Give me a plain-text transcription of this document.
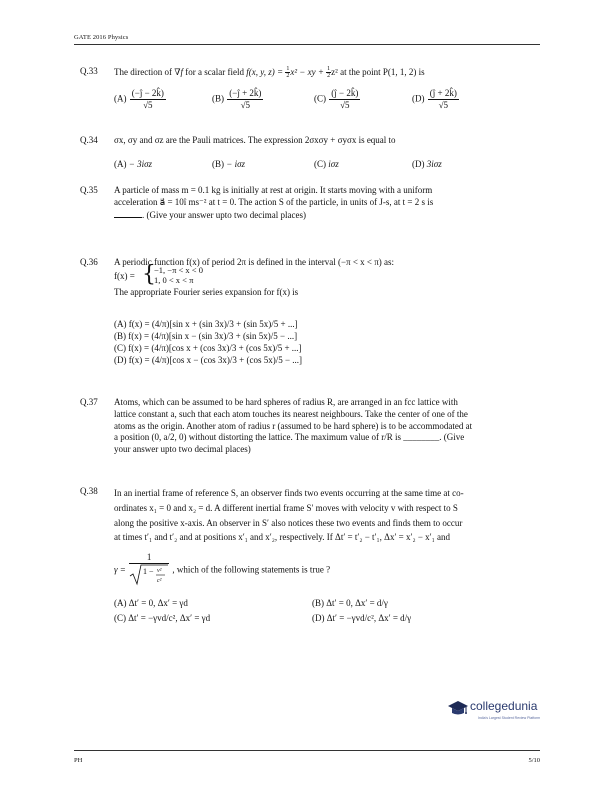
GATE 2016 Physics
Q.33 The direction of ∇f for a scalar field f(x, y, $z) = \frac{1}{2} x^2$ − xy + $\frac{1}{2} z^2$ at the point P(1, 1, 2) is
$(A) \frac{(-ĵ - 2k̂)}{√5}$	$(B) \frac{(-ĵ + 2k̂)}{√5}$	$(C) \frac{(ĵ - 2k̂)}{√5}$	$(D) \frac{(ĵ + 2k̂)}{√5}$
Q.34 σx, σy and σz are the Pauli matrices. The expression 2σxσy + σyσx is equal to
(A) − 3iσz	(B) − iσz	(C) iσz	(D) 3iσz
Q.35 A particle of mass m = 0.1 kg is initially at rest at origin. It starts moving with a uniform
acceleration a⃗ = 10î ms⁻² at t = 0. The action S of the particle, in units of J-s, at t = 2 s is
. (Give your answer upto two decimal places)
Q.36 A periodic function f(x) of period 2π is defined in the interval (−π < x < π) as:
f(x) = {
−1, −π < x < 0
1, 0 < x < π
The appropriate Fourier series expansion for f(x) is
(A) f(x) = (4/π)[sin x + (sin 3x)/3 + (sin 5x)/5 + ...]
(B) f(x) = (4/π)[sin x − (sin 3x)/3 + (sin 5x)/5 − ...]
(C) f(x) = (4/π)[cos x + (cos 3x)/3 + (cos 5x)/5 + ...]
(D) f(x) = (4/π)[cos x − (cos 3x)/3 + (cos 5x)/5 − ...]
Q.37 Atoms, which can be assumed to be hard spheres of radius R, are arranged in an fcc lattice with
lattice constant a, such that each atom touches its nearest neighbours. Take the center of one of the
atoms as the origin. Another atom of radius r (assumed to be hard sphere) is to be accommodated at
a position (0, a/2, 0) without distorting the lattice. The maximum value of r/R is ________. (Give
your answer upto two decimal places)
Q.38 In an inertial frame of reference S, an observer finds two events occurring at the same time at co-
ordinates x₁ = 0 and x₂ = d. A different inertial frame S′ moves with velocity v with respect to S
along the positive x-axis. An observer in S′ also notices these two events and finds them to occur
at times t′₁ and t′₂ and at positions x′₁ and x′₂, respectively. If Δt′ = t′₂ − t′₁, Δx′ = x′₂ − x′₁ and
γ = 1
1 − v²
c² , which of the following statements is true ?
(A) Δt′ = 0, Δx′ = γd	(B) Δt′ = 0, Δx′ = d/γ
(C) Δt′ = −γvd/c², Δx′ = γd	(D) Δt′ = −γvd/c², Δx′ = d/γ
collegedunia
India's Largest Student Review Platform
PH	5/10
